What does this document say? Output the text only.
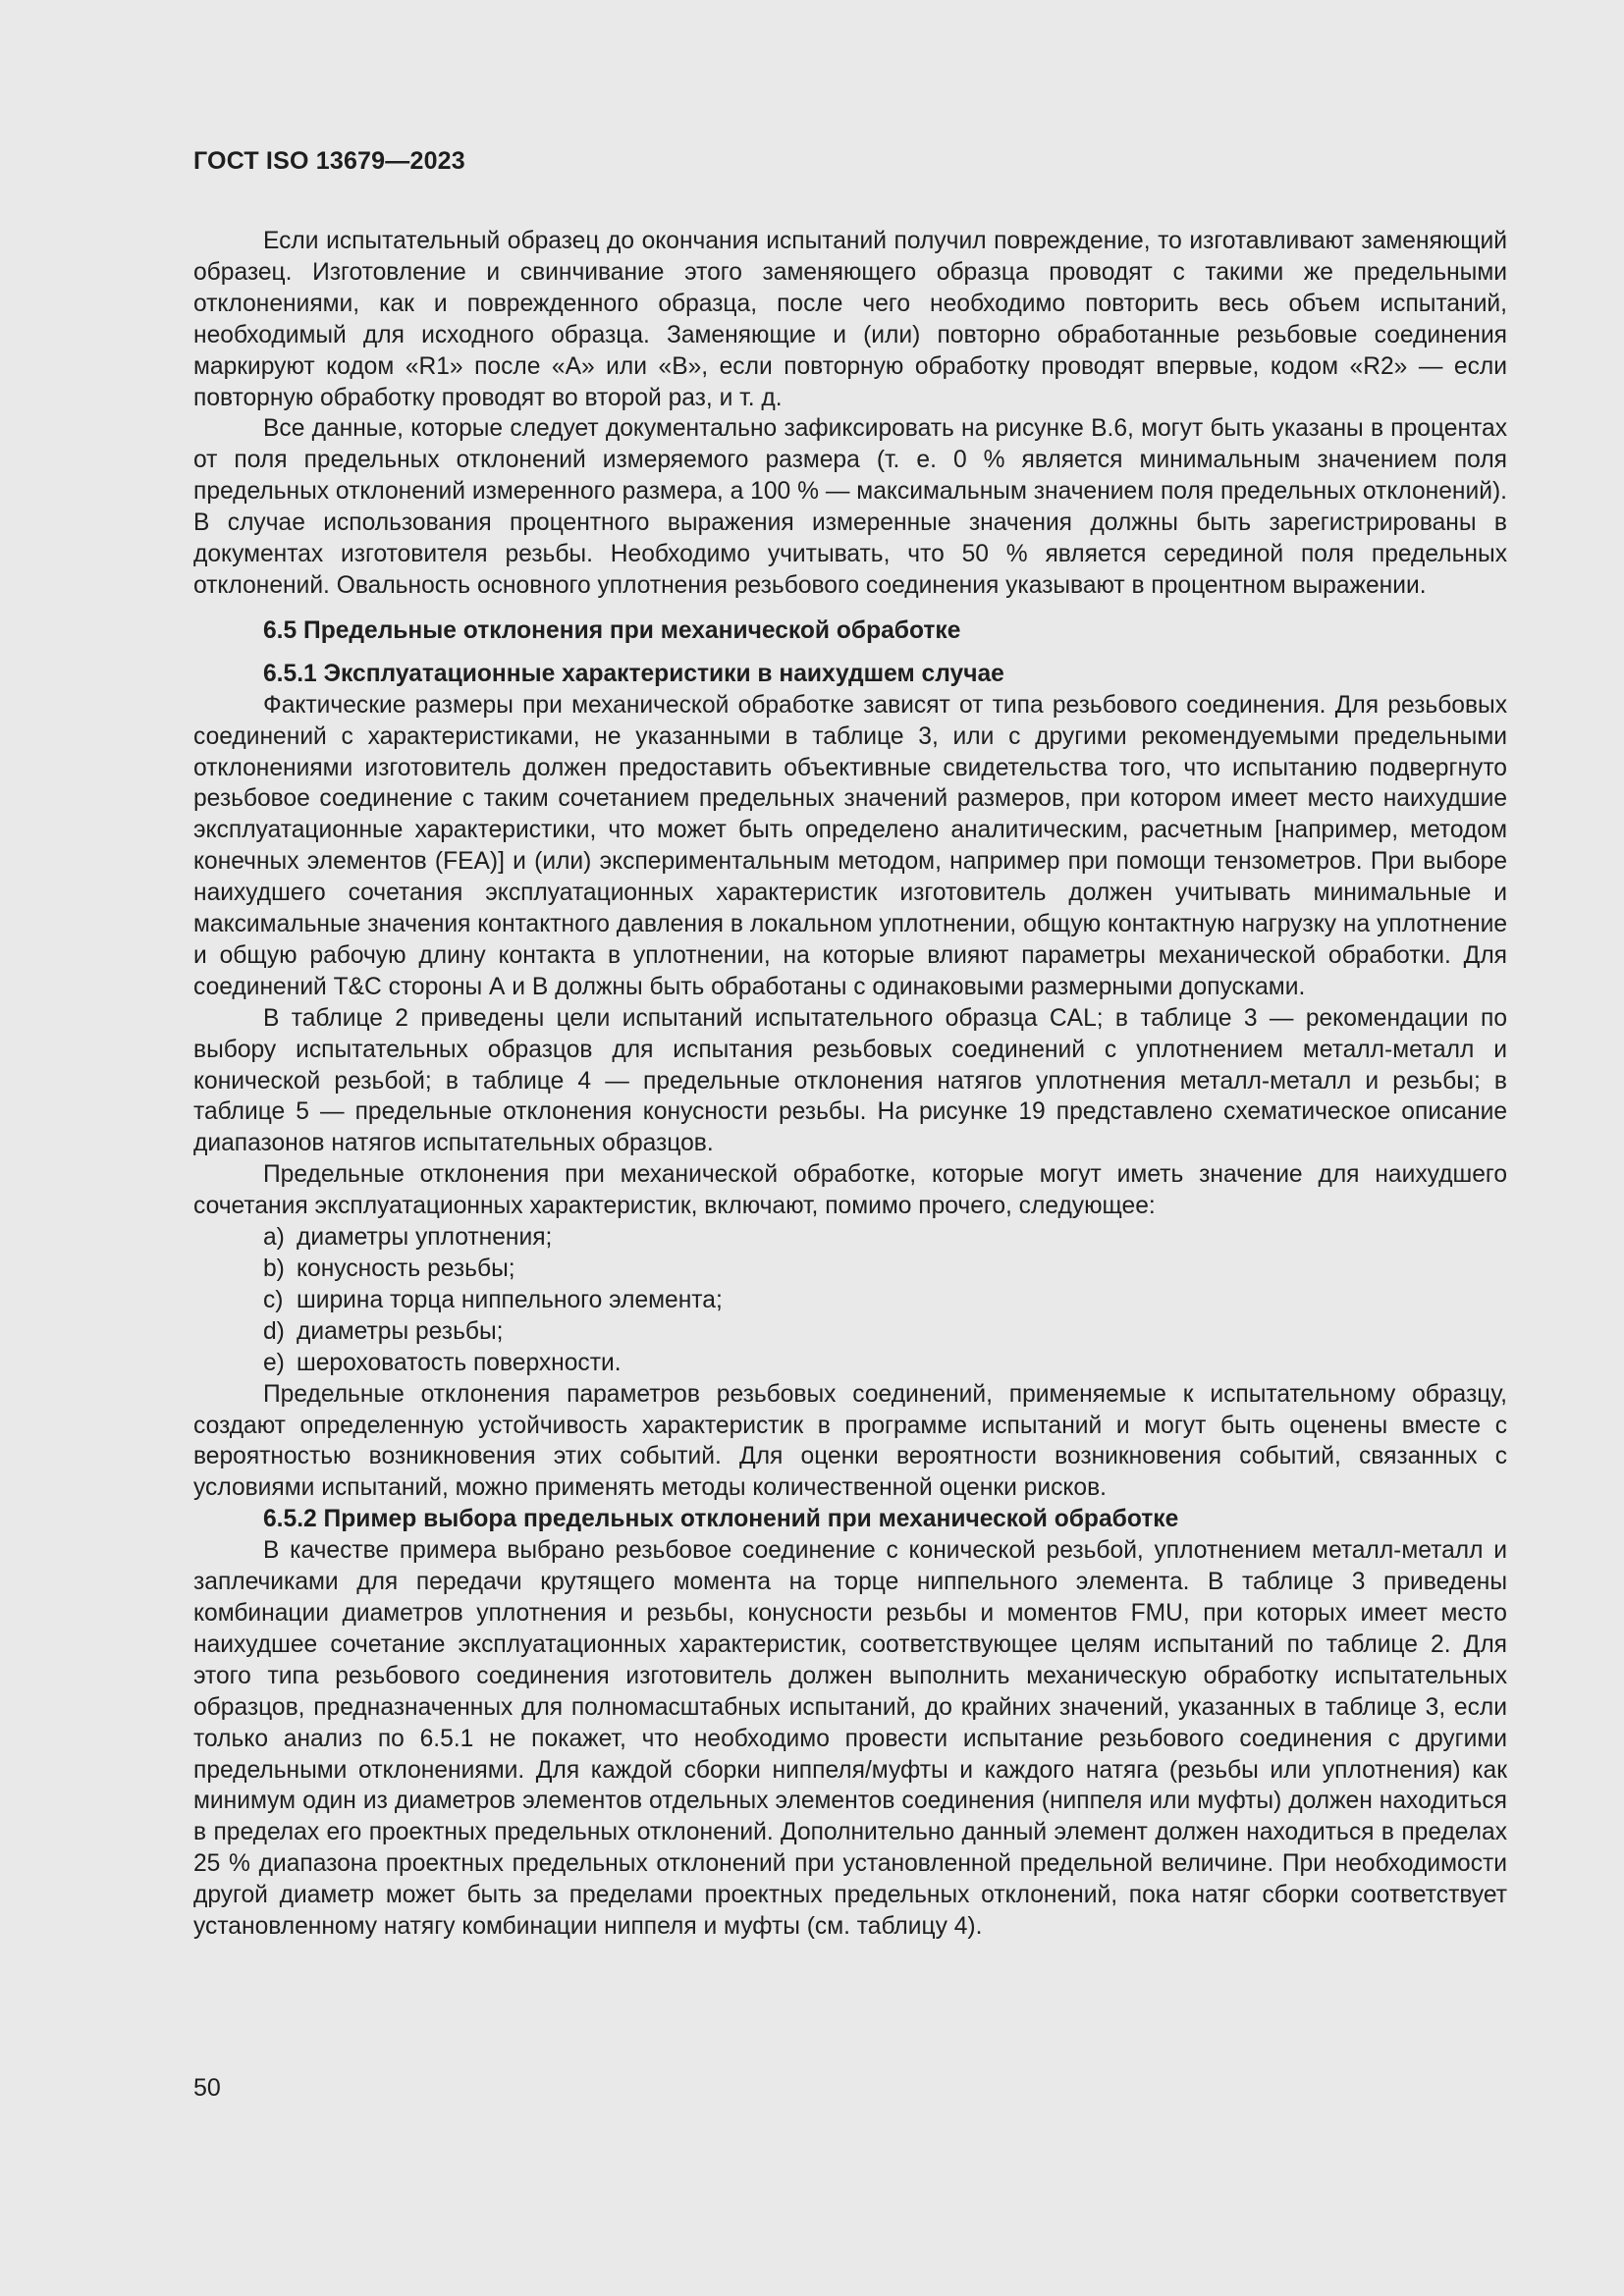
ГОСТ ISO 13679—2023

Если испытательный образец до окончания испытаний получил повреждение, то изготавливают заменяющий образец. Изготовление и свинчивание этого заменяющего образца проводят с такими же предельными отклонениями, как и поврежденного образца, после чего необходимо повторить весь объем испытаний, необходимый для исходного образца. Заменяющие и (или) повторно обработанные резьбовые соединения маркируют кодом «R1» после «А» или «В», если повторную обработку проводят впервые, кодом «R2» — если повторную обработку проводят во второй раз, и т. д.

Все данные, которые следует документально зафиксировать на рисунке В.6, могут быть указаны в процентах от поля предельных отклонений измеряемого размера (т. е. 0 % является минимальным значением поля предельных отклонений измеренного размера, а 100 % — максимальным значением поля предельных отклонений). В случае использования процентного выражения измеренные значения должны быть зарегистрированы в документах изготовителя резьбы. Необходимо учитывать, что 50 % является серединой поля предельных отклонений. Овальность основного уплотнения резьбового соединения указывают в процентном выражении.

6.5 Предельные отклонения при механической обработке

6.5.1 Эксплуатационные характеристики в наихудшем случае

Фактические размеры при механической обработке зависят от типа резьбового соединения. Для резьбовых соединений с характеристиками, не указанными в таблице 3, или с другими рекомендуемыми предельными отклонениями изготовитель должен предоставить объективные свидетельства того, что испытанию подвергнуто резьбовое соединение с таким сочетанием предельных значений размеров, при котором имеет место наихудшие эксплуатационные характеристики, что может быть определено аналитическим, расчетным [например, методом конечных элементов (FEA)] и (или) экспериментальным методом, например при помощи тензометров. При выборе наихудшего сочетания эксплуатационных характеристик изготовитель должен учитывать минимальные и максимальные значения контактного давления в локальном уплотнении, общую контактную нагрузку на уплотнение и общую рабочую длину контакта в уплотнении, на которые влияют параметры механической обработки. Для соединений T&C стороны А и В должны быть обработаны с одинаковыми размерными допусками.

В таблице 2 приведены цели испытаний испытательного образца CAL; в таблице 3 — рекомендации по выбору испытательных образцов для испытания резьбовых соединений с уплотнением металл-металл и конической резьбой; в таблице 4 — предельные отклонения натягов уплотнения металл-металл и резьбы; в таблице 5 — предельные отклонения конусности резьбы. На рисунке 19 представлено схематическое описание диапазонов натягов испытательных образцов.

Предельные отклонения при механической обработке, которые могут иметь значение для наихудшего сочетания эксплуатационных характеристик, включают, помимо прочего, следующее:

a) диаметры уплотнения;

b) конусность резьбы;

c) ширина торца ниппельного элемента;

d) диаметры резьбы;

e) шероховатость поверхности.

Предельные отклонения параметров резьбовых соединений, применяемые к испытательному образцу, создают определенную устойчивость характеристик в программе испытаний и могут быть оценены вместе с вероятностью возникновения этих событий. Для оценки вероятности возникновения событий, связанных с условиями испытаний, можно применять методы количественной оценки рисков.

6.5.2 Пример выбора предельных отклонений при механической обработке

В качестве примера выбрано резьбовое соединение с конической резьбой, уплотнением металл-металл и заплечиками для передачи крутящего момента на торце ниппельного элемента. В таблице 3 приведены комбинации диаметров уплотнения и резьбы, конусности резьбы и моментов FMU, при которых имеет место наихудшее сочетание эксплуатационных характеристик, соответствующее целям испытаний по таблице 2. Для этого типа резьбового соединения изготовитель должен выполнить механическую обработку испытательных образцов, предназначенных для полномасштабных испытаний, до крайних значений, указанных в таблице 3, если только анализ по 6.5.1 не покажет, что необходимо провести испытание резьбового соединения с другими предельными отклонениями. Для каждой сборки ниппеля/муфты и каждого натяга (резьбы или уплотнения) как минимум один из диаметров элементов отдельных элементов соединения (ниппеля или муфты) должен находиться в пределах его проектных предельных отклонений. Дополнительно данный элемент должен находиться в пределах 25 % диапазона проектных предельных отклонений при установленной предельной величине. При необходимости другой диаметр может быть за пределами проектных предельных отклонений, пока натяг сборки соответствует установленному натягу комбинации ниппеля и муфты (см. таблицу 4).

50
